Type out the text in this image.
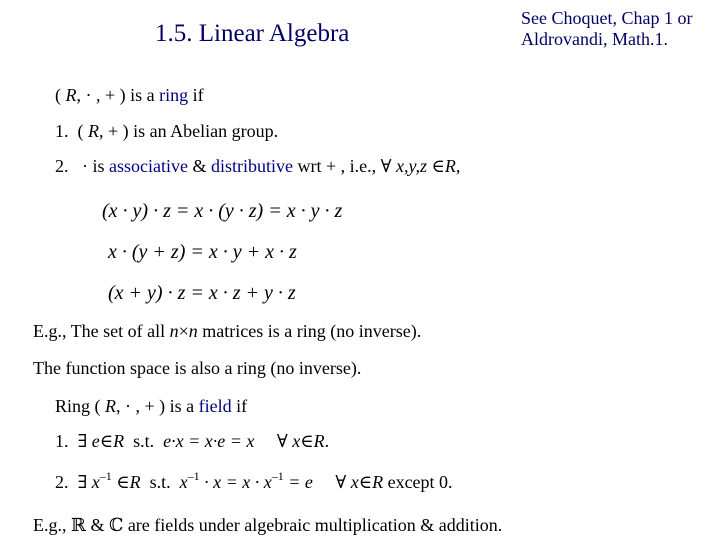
1.5. Linear Algebra
See Choquet, Chap 1 or
Aldrovandi, Math.1.
( R, · , + ) is a ring if
1. ( R, + ) is an Abelian group.
2. · is associative & distributive wrt + , i.e., ∀ x,y,z ∈R,
(x · y) · z = x · (y · z) = x · y · z
x · (y + z) = x · y + x · z
(x + y) · z = x · z + y · z
E.g., The set of all n×n matrices is a ring (no inverse).
The function space is also a ring (no inverse).
Ring ( R, · , + ) is a field if
1. ∃ e∈R  s.t.  e·x = x·e = x ∀ x∈R.
2. ∃ $x^{-1}$ ∈R  s.t.  $x^{-1} \cdot x = x \cdot x^{-1} = e$ ∀ x∈R except 0.
E.g., ℝ & ℂ are fields under algebraic multiplication & addition.
